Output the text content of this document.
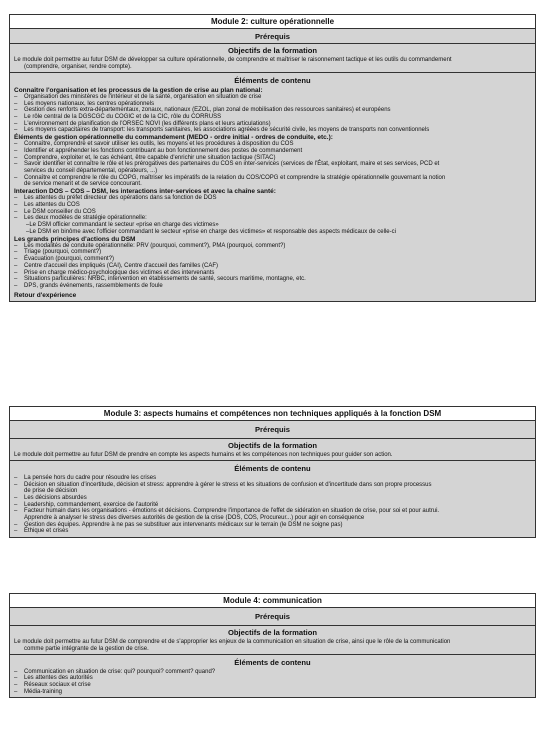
Module 2: culture opérationnelle
Prérequis
Objectifs de la formation
Le module doit permettre au futur DSM de développer sa culture opérationnelle, de comprendre et maîtriser le raisonnement tactique et les outils du commandement
(comprendre, organiser, rendre compte).
Éléments de contenu
Connaître l'organisation et les processus de la gestion de crise au plan national:
– Organisation des ministères de l'intérieur et de la santé, organisation en situation de crise
– Les moyens nationaux, les centres opérationnels
– Gestion des renforts extra-départementaux, zonaux, nationaux (EZOL, plan zonal de mobilisation des ressources sanitaires) et européens
– Le rôle central de la DGSCGC du COGIC et de la CIC, rôle du CORRUSS
– L'environnement de planification de l'ORSEC NOVI (les différents plans et leurs articulations)
– Les moyens capacitaires de transport: les transports sanitaires, les associations agréées de sécurité civile, les moyens de transports non conventionnels
Éléments de gestion opérationnelle du commandement (MEDO - ordre initial - ordres de conduite, etc.):
– Connaître, comprendre et savoir utiliser les outils, les moyens et les procédures à disposition du COS
– Identifier et appréhender les fonctions contribuant au bon fonctionnement des postes de commandement
– Comprendre, exploiter et, le cas échéant, être capable d'enrichir une situation tactique (SITAC)
– Savoir identifier et connaître le rôle et les prérogatives des partenaires du COS en inter-services (services de l'État, exploitant, maire et ses services, PCD et
services du conseil départemental, opérateurs, ...)
– Connaître et comprendre le rôle du COPG, maîtriser les impératifs de la relation du COS/COPG et comprendre la stratégie opérationnelle gouvernant la notion
de service menant et de service concourant.
Interaction DOS – COS – DSM, les interactions inter-services et avec la chaîne santé:
– Les attentes du préfet directeur des opérations dans sa fonction de DOS
– Les attentes du COS
– Le DSM conseiller du COS
– Les deux modèles de stratégie opérationnelle:
–Le DSM officier commandant le secteur «prise en charge des victimes»
–Le DSM en binôme avec l'officier commandant le secteur «prise en charge des victimes» et responsable des aspects médicaux de celle-ci
Les grands principes d'actions du DSM
– Les modalités de conduite opérationnelle: PRV (pourquoi, comment?), PMA (pourquoi, comment?)
– Triage (pourquoi, comment?)
– Évacuation (pourquoi, comment?)
– Centre d'accueil des impliqués (CAI), Centre d'accueil des familles (CAF)
– Prise en charge médico-psychologique des victimes et des intervenants
– Situations particulières: NRBC, intervention en établissements de santé, secours maritime, montagne, etc.
– DPS, grands événements, rassemblements de foule
Retour d'expérience
Module 3: aspects humains et compétences non techniques appliqués à la fonction DSM
Prérequis
Objectifs de la formation
Le module doit permettre au futur DSM de prendre en compte les aspects humains et les compétences non techniques pour guider son action.
Éléments de contenu
– La pensée hors du cadre pour résoudre les crises
– Décision en situation d'incertitude, décision et stress: apprendre à gérer le stress et les situations de confusion et d'incertitude dans son propre processus
de prise de décision
– Les décisions absurdes
– Leadership, commandement, exercice de l'autorité
– Facteur humain dans les organisations - émotions et décisions. Comprendre l'importance de l'effet de sidération en situation de crise, pour soi et pour autrui.
Apprendre à analyser le stress des diverses autorités de gestion de la crise (DOS, COS, Procureur...) pour agir en conséquence
– Gestion des équipes. Apprendre à ne pas se substituer aux intervenants médicaux sur le terrain (le DSM ne soigne pas)
– Éthique et crises
Module 4: communication
Prérequis
Objectifs de la formation
Le module doit permettre au futur DSM de comprendre et de s'approprier les enjeux de la communication en situation de crise, ainsi que le rôle de la communication
comme partie intégrante de la gestion de crise.
Éléments de contenu
– Communication en situation de crise: qui? pourquoi? comment? quand?
– Les attentes des autorités
– Réseaux sociaux et crise
– Média-training
